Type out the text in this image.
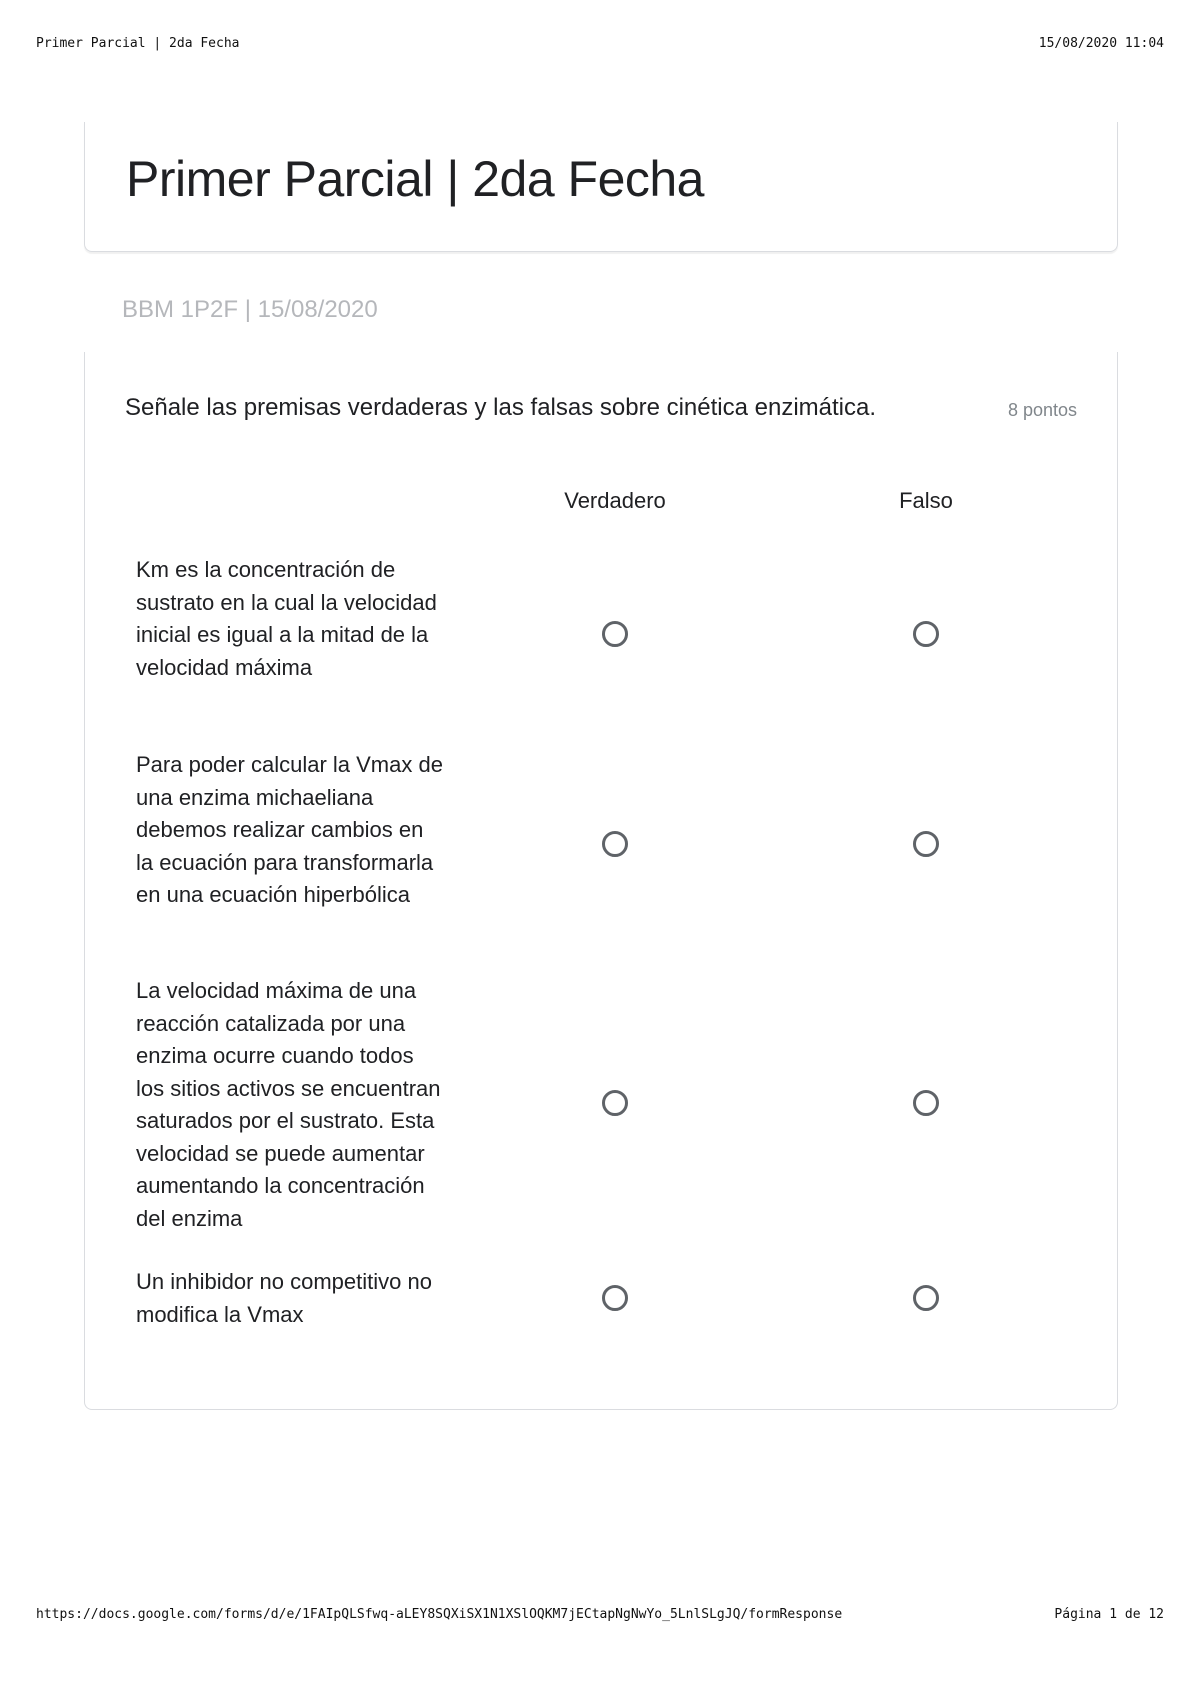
Primer Parcial | 2da Fecha	15/08/2020 11:04
Primer Parcial | 2da Fecha
BBM 1P2F | 15/08/2020
Señale las premisas verdaderas y las falsas sobre cinética enzimática.	8 pontos
Verdadero	Falso
Km es la concentración de sustrato en la cual la velocidad inicial es igual a la mitad de la velocidad máxima
Para poder calcular la Vmax de una enzima michaeliana debemos realizar cambios en la ecuación para transformarla en una ecuación hiperbólica
La velocidad máxima de una reacción catalizada por una enzima ocurre cuando todos los sitios activos se encuentran saturados por el sustrato. Esta velocidad se puede aumentar aumentando la concentración del enzima
Un inhibidor no competitivo no modifica la Vmax
https://docs.google.com/forms/d/e/1FAIpQLSfwq-aLEY8SQXiSX1N1XSlOQKM7jECtapNgNwYo_5LnlSLgJQ/formResponse	Página 1 de 12
